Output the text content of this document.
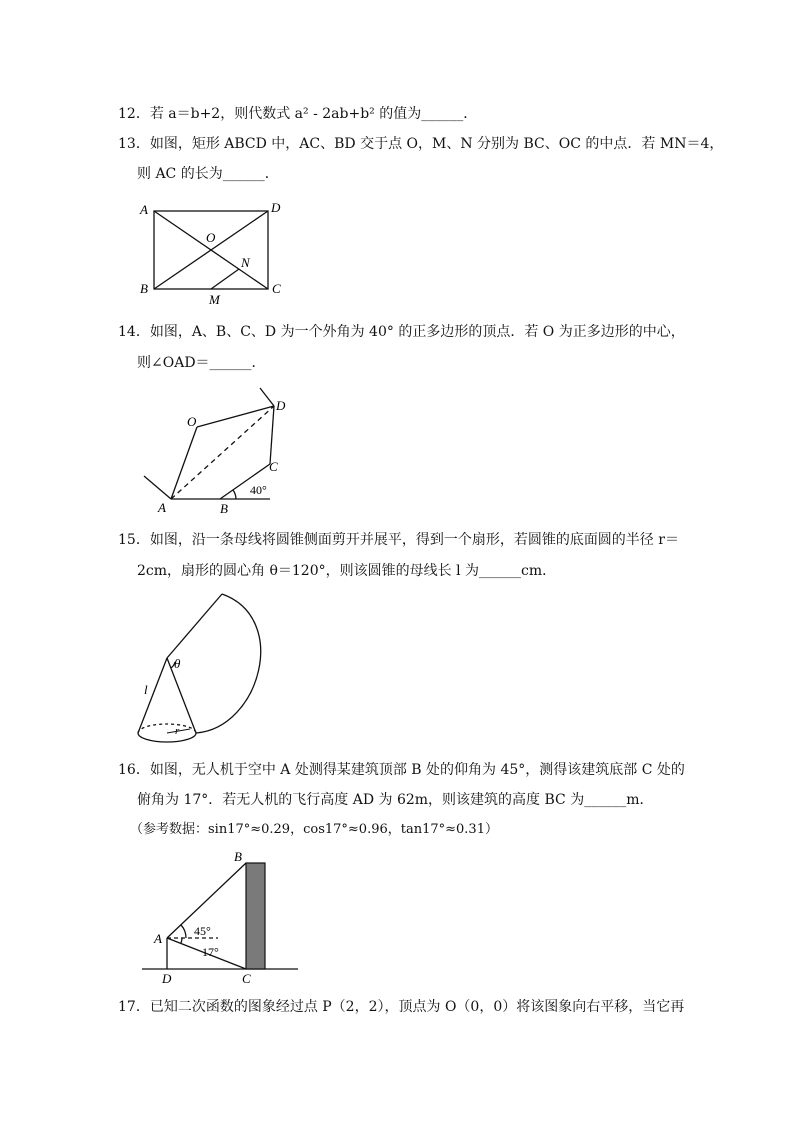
12．若 a＝b+2，则代数式 a² - 2ab+b² 的值为______．
13．如图，矩形 ABCD 中，AC、BD 交于点 O，M、N 分别为 BC、OC 的中点．若 MN＝4，
则 AC 的长为______．
A	D
B	C
O
N
M
14．如图，A、B、C、D 为一个外角为 40° 的正多边形的顶点．若 O 为正多边形的中心，
则∠OAD＝______．
O
D
C
A	B
40°
15．如图，沿一条母线将圆锥侧面剪开并展平，得到一个扇形，若圆锥的底面圆的半径 r＝
2cm，扇形的圆心角 θ＝120°，则该圆锥的母线长 l 为______cm．
θ
l
r
16．如图，无人机于空中 A 处测得某建筑顶部 B 处的仰角为 45°，测得该建筑底部 C 处的
俯角为 17°．若无人机的飞行高度 AD 为 62m，则该建筑的高度 BC 为______m．
（参考数据：sin17°≈0.29，cos17°≈0.96，tan17°≈0.31）
B
A
D	C
45°
17°
17．已知二次函数的图象经过点 P（2，2），顶点为 O（0，0）将该图象向右平移，当它再
